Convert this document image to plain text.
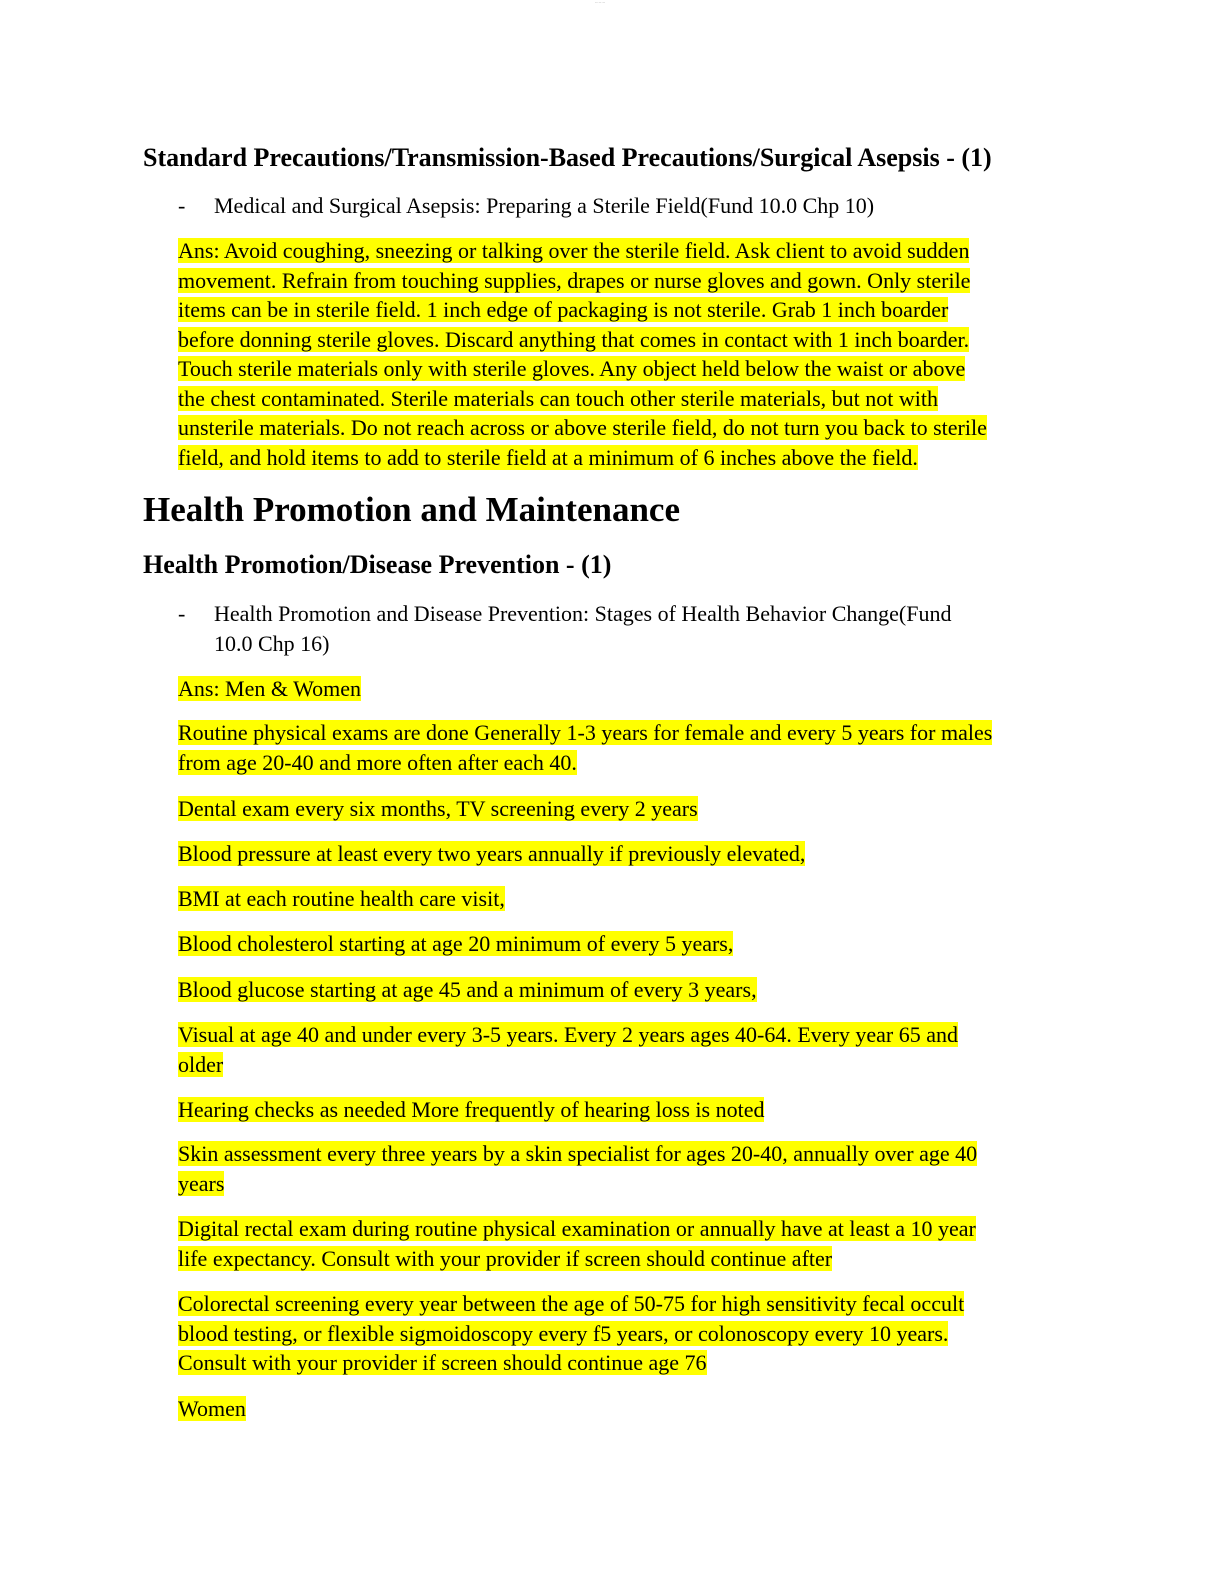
-- -- --
Standard Precautions/Transmission-Based Precautions/Surgical Asepsis - (1)
- Medical and Surgical Asepsis: Preparing a Sterile Field(Fund 10.0 Chp 10)
Ans: Avoid coughing, sneezing or talking over the sterile field. Ask client to avoid sudden
movement. Refrain from touching supplies, drapes or nurse gloves and gown. Only sterile
items can be in sterile field. 1 inch edge of packaging is not sterile. Grab 1 inch boarder
before donning sterile gloves. Discard anything that comes in contact with 1 inch boarder.
Touch sterile materials only with sterile gloves. Any object held below the waist or above
the chest contaminated. Sterile materials can touch other sterile materials, but not with
unsterile materials. Do not reach across or above sterile field, do not turn you back to sterile
field, and hold items to add to sterile field at a minimum of 6 inches above the field.
Health Promotion and Maintenance
Health Promotion/Disease Prevention - (1)
- Health Promotion and Disease Prevention: Stages of Health Behavior Change(Fund
10.0 Chp 16)
Ans: Men & Women
Routine physical exams are done Generally 1-3 years for female and every 5 years for males
from age 20-40 and more often after each 40.
Dental exam every six months, TV screening every 2 years
Blood pressure at least every two years annually if previously elevated,
BMI at each routine health care visit,
Blood cholesterol starting at age 20 minimum of every 5 years,
Blood glucose starting at age 45 and a minimum of every 3 years,
Visual at age 40 and under every 3-5 years. Every 2 years ages 40-64. Every year 65 and
older
Hearing checks as needed More frequently of hearing loss is noted
Skin assessment every three years by a skin specialist for ages 20-40, annually over age 40
years
Digital rectal exam during routine physical examination or annually have at least a 10 year
life expectancy. Consult with your provider if screen should continue after
Colorectal screening every year between the age of 50-75 for high sensitivity fecal occult
blood testing, or flexible sigmoidoscopy every f5 years, or colonoscopy every 10 years.
Consult with your provider if screen should continue age 76
Women
